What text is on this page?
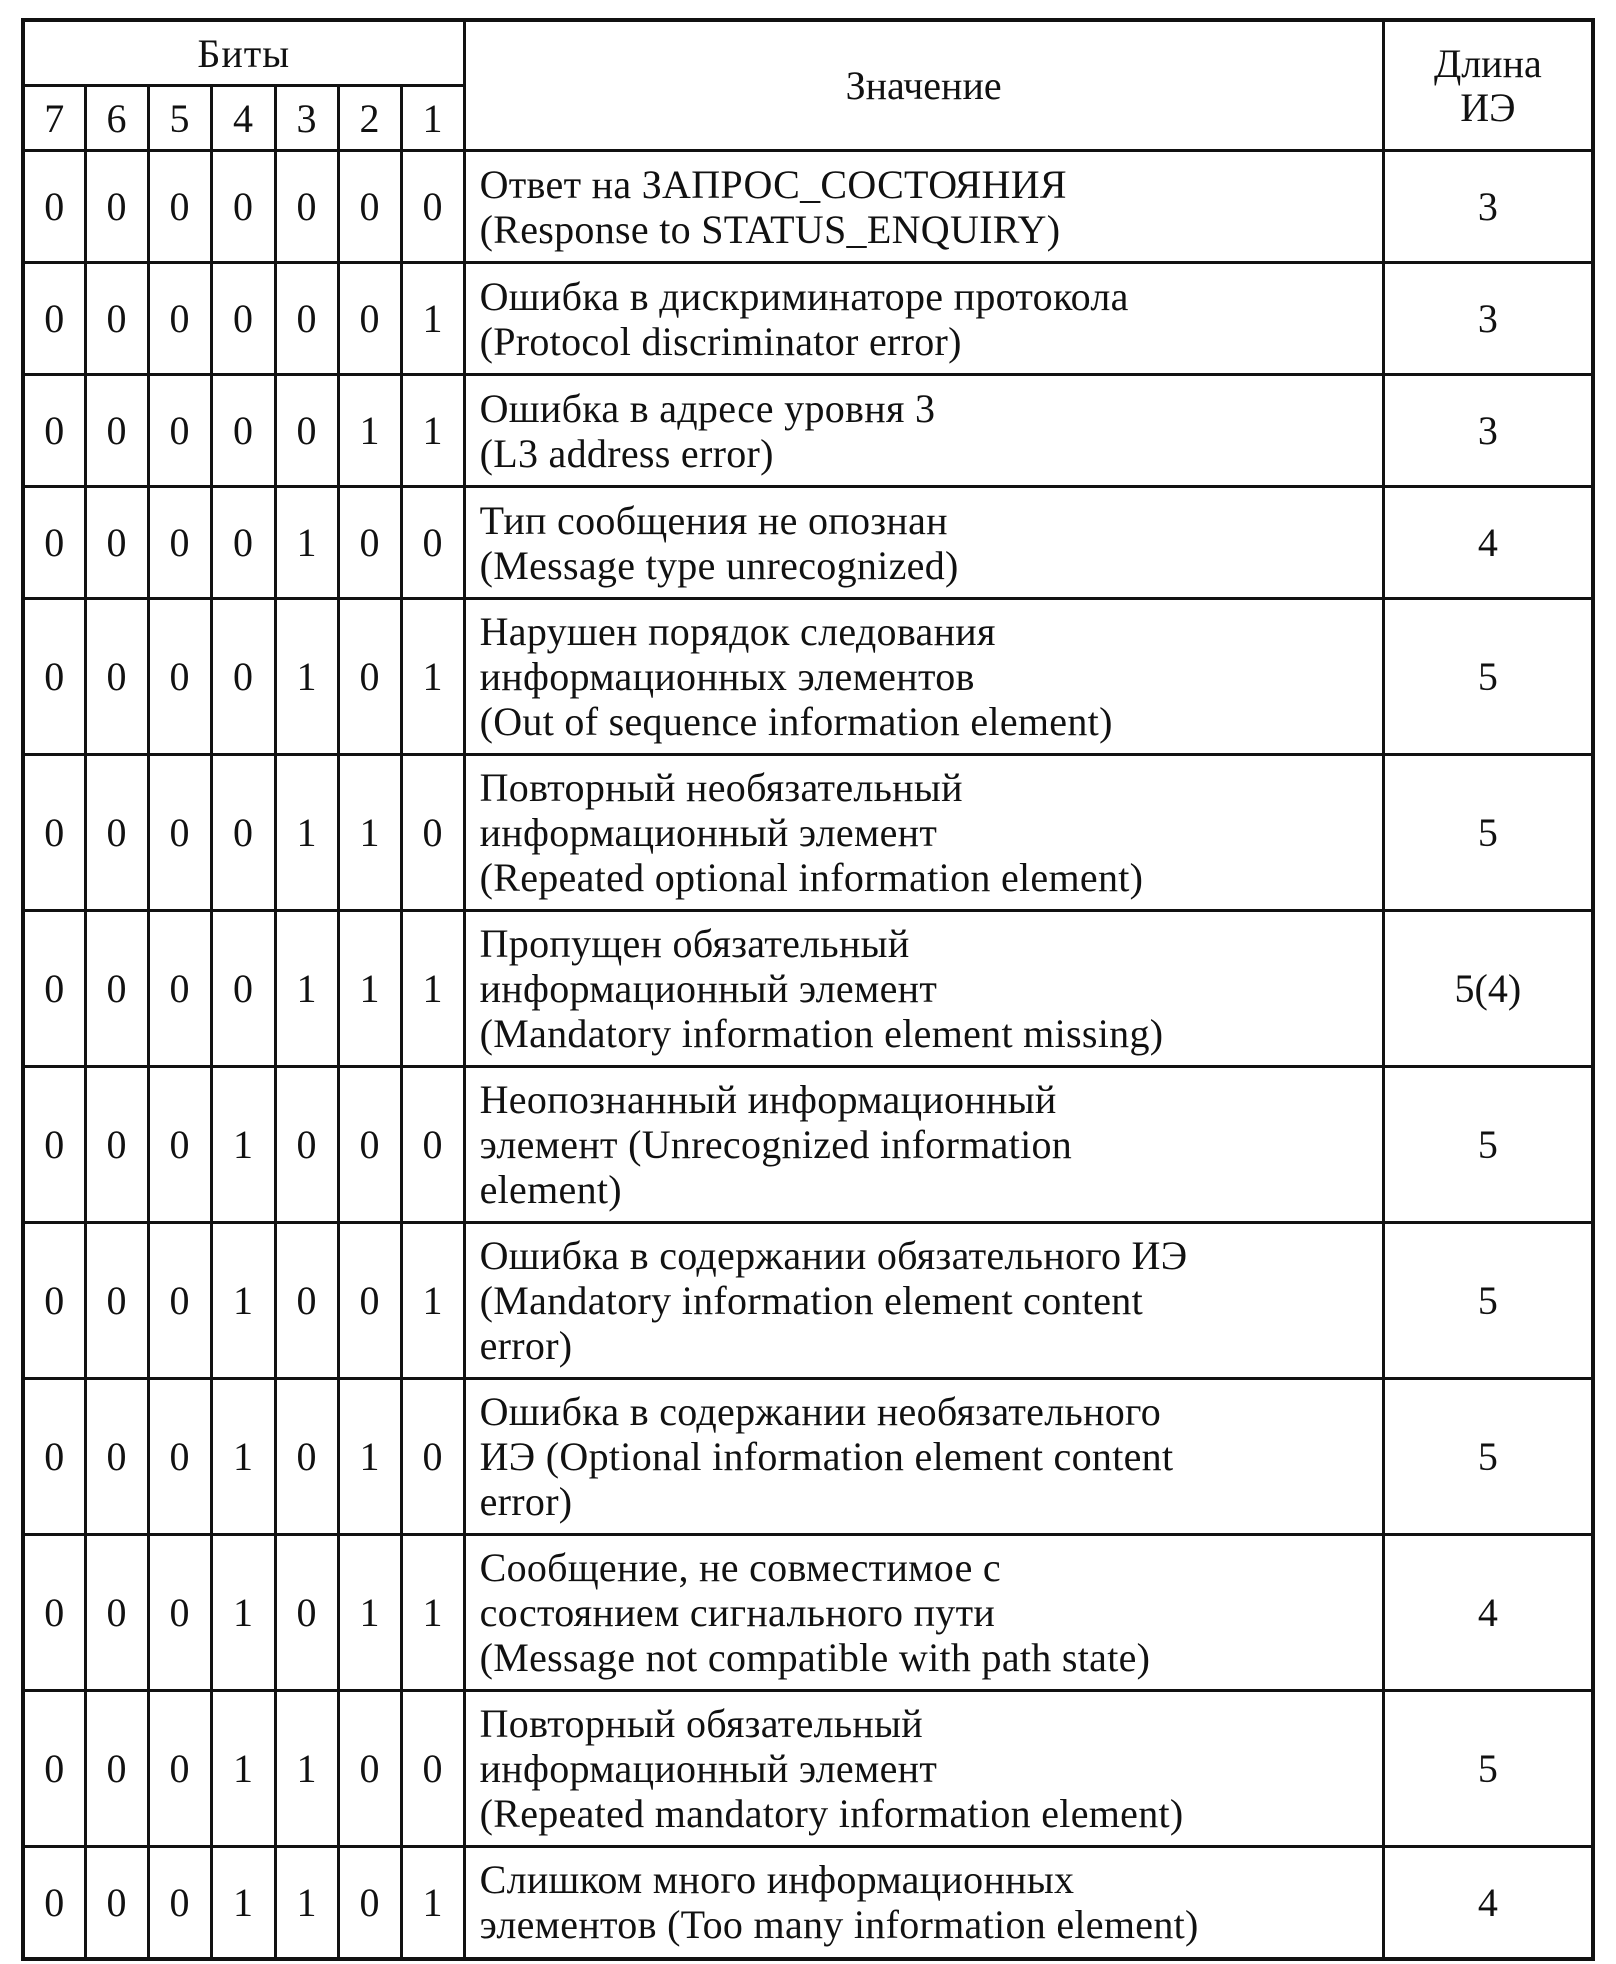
Биты							Значение	Длина
ИЭ
7	6	5	4	3	2	1		
0	0	0	0	0	0	0	Ответ на ЗАПРОС_СОСТОЯНИЯ
(Response to STATUS_ENQUIRY)	3
0	0	0	0	0	0	1	Ошибка в дискриминаторе протокола
(Protocol discriminator error)	3
0	0	0	0	0	1	1	Ошибка в адресе уровня 3
(L3 address error)	3
0	0	0	0	1	0	0	Тип сообщения не опознан
(Message type unrecognized)	4
0	0	0	0	1	0	1	Нарушен порядок следования
информационных элементов
(Out of sequence information element)	5
0	0	0	0	1	1	0	Повторный необязательный
информационный элемент
(Repeated optional information element)	5
0	0	0	0	1	1	1	Пропущен обязательный
информационный элемент
(Mandatory information element missing)	5(4)
0	0	0	1	0	0	0	Неопознанный информационный
элемент (Unrecognized information
element)	5
0	0	0	1	0	0	1	Ошибка в содержании обязательного ИЭ
(Mandatory information element content
error)	5
0	0	0	1	0	1	0	Ошибка в содержании необязательного
ИЭ (Optional information element content
error)	5
0	0	0	1	0	1	1	Сообщение, не совместимое с
состоянием сигнального пути
(Message not compatible with path state)	4
0	0	0	1	1	0	0	Повторный обязательный
информационный элемент
(Repeated mandatory information element)	5
0	0	0	1	1	0	1	Слишком много информационных
элементов (Too many information element)	4
